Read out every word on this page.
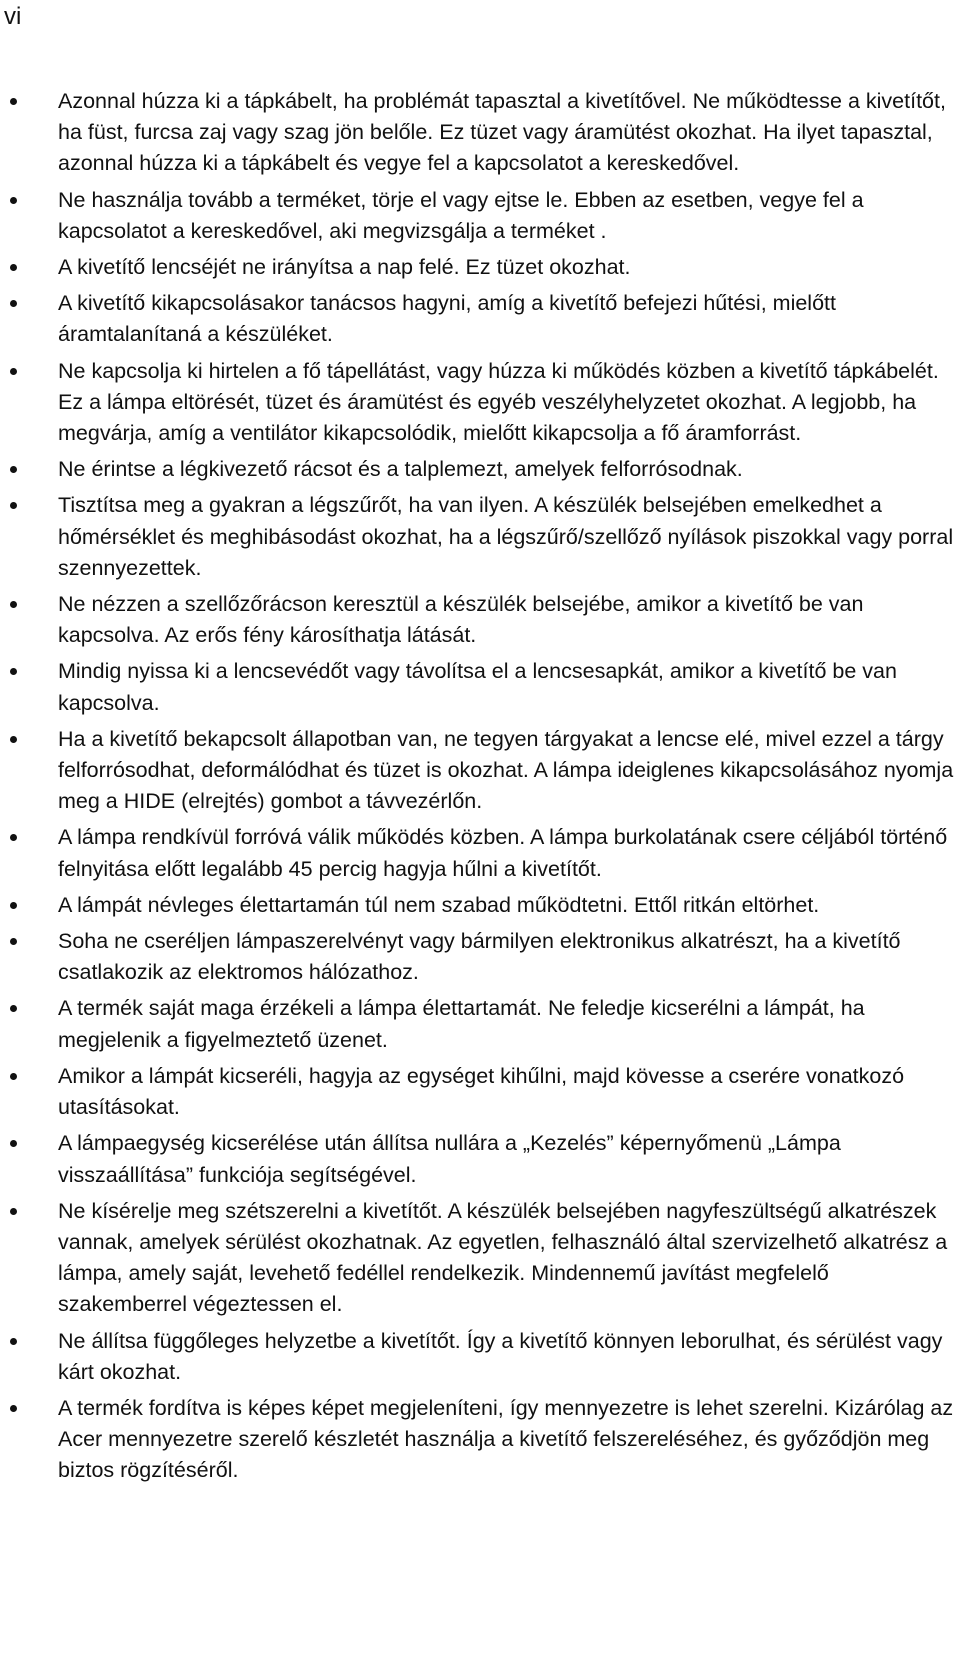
vi
Azonnal húzza ki a tápkábelt, ha problémát tapasztal a kivetítővel. Ne működtesse a kivetítőt, ha füst, furcsa zaj vagy szag jön belőle. Ez tüzet vagy áramütést okozhat. Ha ilyet tapasztal, azonnal húzza ki a tápkábelt és vegye fel a kapcsolatot a kereskedővel.
Ne használja tovább a terméket, törje el vagy ejtse le. Ebben az esetben, vegye fel a kapcsolatot a kereskedővel, aki megvizsgálja a terméket .
A kivetítő lencséjét ne irányítsa a nap felé. Ez tüzet okozhat.
A kivetítő kikapcsolásakor tanácsos hagyni, amíg a kivetítő befejezi hűtési, mielőtt áramtalanítaná a készüléket.
Ne kapcsolja ki hirtelen a fő tápellátást, vagy húzza ki működés közben a kivetítő tápkábelét. Ez a lámpa eltörését, tüzet és áramütést és egyéb veszélyhelyzetet okozhat. A legjobb, ha megvárja, amíg a ventilátor kikapcsolódik, mielőtt kikapcsolja a fő áramforrást.
Ne érintse a légkivezető rácsot és a talplemezt, amelyek felforrósodnak.
Tisztítsa meg a gyakran a légszűrőt, ha van ilyen. A készülék belsejében emelkedhet a hőmérséklet és meghibásodást okozhat, ha a légszűrő/szellőző nyílások piszokkal vagy porral szennyezettek.
Ne nézzen a szellőzőrácson keresztül a készülék belsejébe, amikor a kivetítő be van kapcsolva. Az erős fény károsíthatja látását.
Mindig nyissa ki a lencsevédőt vagy távolítsa el a lencsesapkát, amikor a kivetítő be van kapcsolva.
Ha a kivetítő bekapcsolt állapotban van, ne tegyen tárgyakat a lencse elé, mivel ezzel a tárgy felforrósodhat, deformálódhat és tüzet is okozhat. A lámpa ideiglenes kikapcsolásához nyomja meg a HIDE (elrejtés) gombot a távvezérlőn.
A lámpa rendkívül forróvá válik működés közben. A lámpa burkolatának csere céljából történő felnyitása előtt legalább 45 percig hagyja hűlni a kivetítőt.
A lámpát névleges élettartamán túl nem szabad működtetni. Ettől ritkán eltörhet.
Soha ne cseréljen lámpaszerelvényt vagy bármilyen elektronikus alkatrészt, ha a kivetítő csatlakozik az elektromos hálózathoz.
A termék saját maga érzékeli a lámpa élettartamát. Ne feledje kicserélni a lámpát, ha megjelenik a figyelmeztető üzenet.
Amikor a lámpát kicseréli, hagyja az egységet kihűlni, majd kövesse a cserére vonatkozó utasításokat.
A lámpaegység kicserélése után állítsa nullára a „Kezelés” képernyőmenü „Lámpa visszaállítása” funkciója segítségével.
Ne kísérelje meg szétszerelni a kivetítőt. A készülék belsejében nagyfeszültségű alkatrészek vannak, amelyek sérülést okozhatnak. Az egyetlen, felhasználó által szervizelhető alkatrész a lámpa, amely saját, levehető fedéllel rendelkezik. Mindennemű javítást megfelelő szakemberrel végeztessen el.
Ne állítsa függőleges helyzetbe a kivetítőt. Így a kivetítő könnyen leborulhat, és sérülést vagy kárt okozhat.
A termék fordítva is képes képet megjeleníteni, így mennyezetre is lehet szerelni. Kizárólag az Acer mennyezetre szerelő készletét használja a kivetítő felszereléséhez, és győződjön meg biztos rögzítéséről.
